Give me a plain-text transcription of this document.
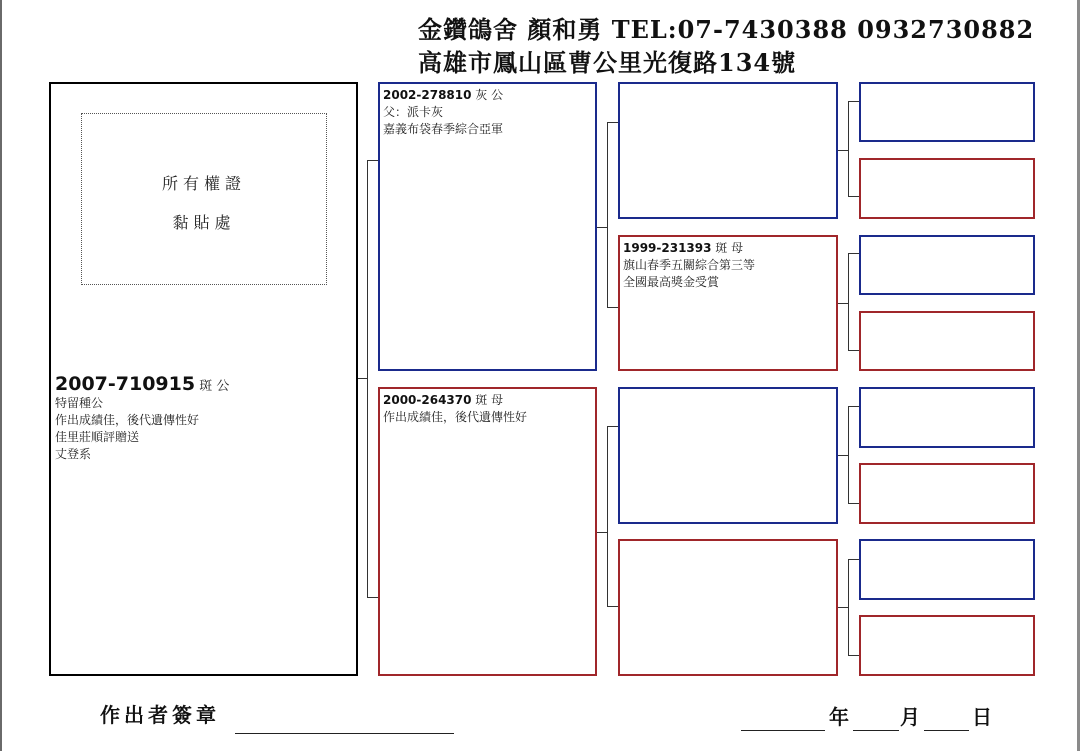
金鑽鴿舍 顏和勇 TEL:07-7430388 0932730882
高雄市鳳山區曹公里光復路134號
所有權證
黏貼處
2007-710915 斑 公
特留種公
作出成績佳，後代遺傳性好
佳里莊順評贈送
丈登系
2002-278810 灰 公
父：派卡灰
嘉義布袋春季綜合亞軍
2000-264370 斑 母
作出成績佳，後代遺傳性好
1999-231393 斑 母
旗山春季五關綜合第三等
全國最高獎金受賞
作出者簽章	年	月	日
